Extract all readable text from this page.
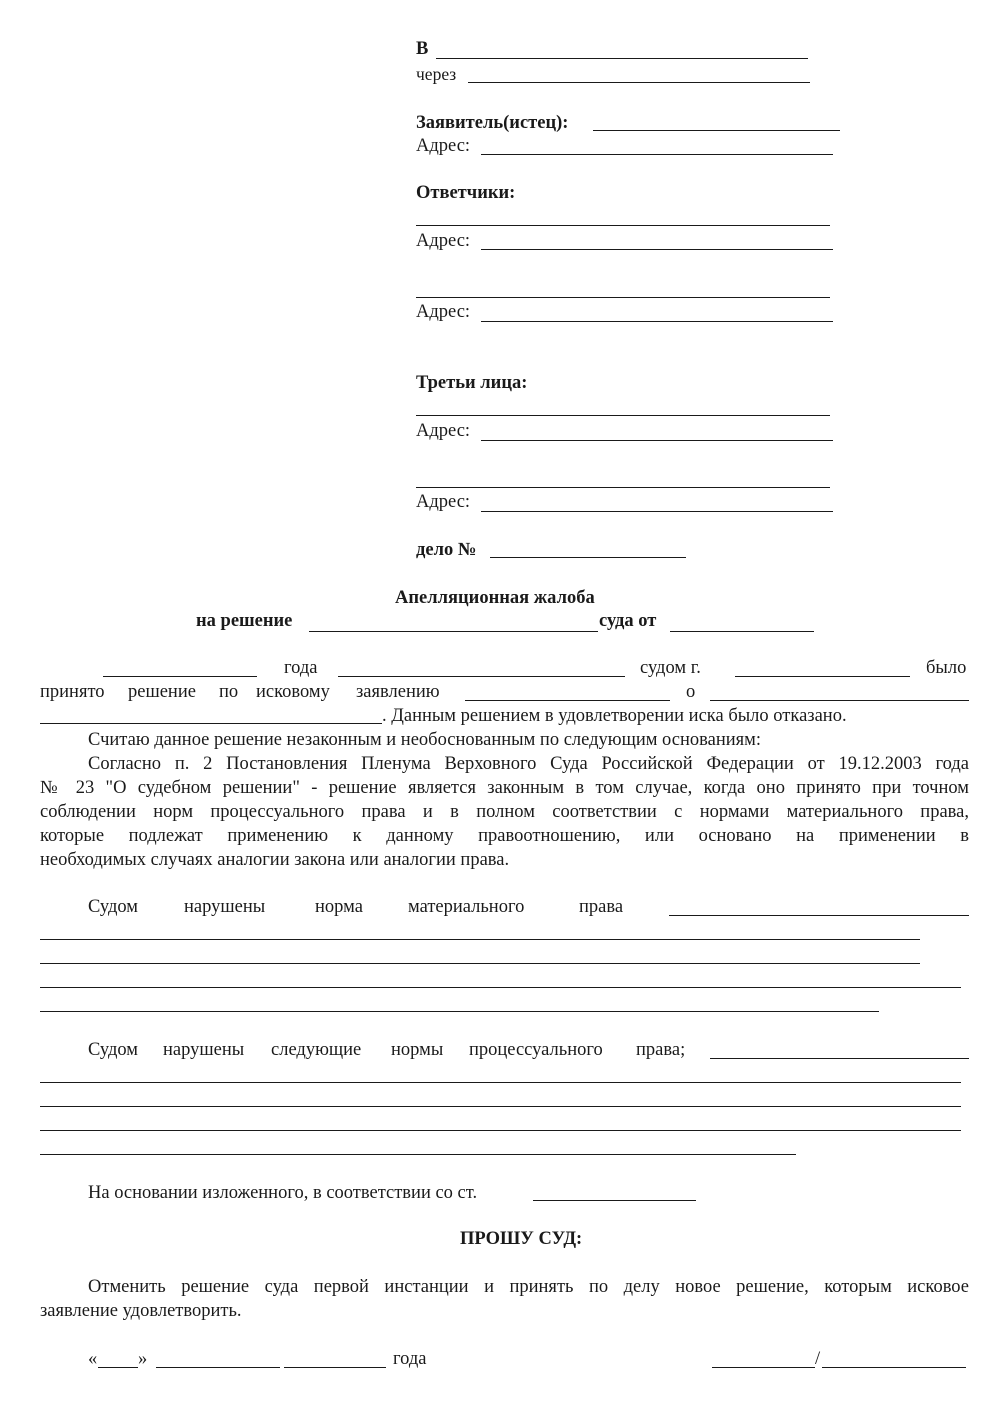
В
через
Заявитель(истец):
Адрес:
Ответчики:
Адрес:
Адрес:
Третьи лица:
Адрес:
Адрес:
дело №
Апелляционная жалоба
на решение	суда от
года	судом г.	было
принято решение по исковому заявлению	о
. Данным решением в удовлетворении иска было отказано.
Считаю данное решение незаконным и необоснованным по следующим основаниям:
Согласно п. 2 Постановления Пленума Верховного Суда Российской Федерации от 19.12.2003 года
№ 23 "О судебном решении" - решение является законным в том случае, когда оно принято при точном
соблюдении норм процессуального права и в полном соответствии с нормами материального права,
которые подлежат применению к данному правоотношению, или основано на применении в
необходимых случаях аналогии закона или аналогии права.
Судом нарушены	норма материального	права
Судом нарушены следующие нормы процессуального права;
На основании изложенного, в соответствии со ст.
ПРОШУ СУД:
Отменить решение суда первой инстанции и принять по делу новое решение, которым исковое
заявление удовлетворить.
« »	года	/
